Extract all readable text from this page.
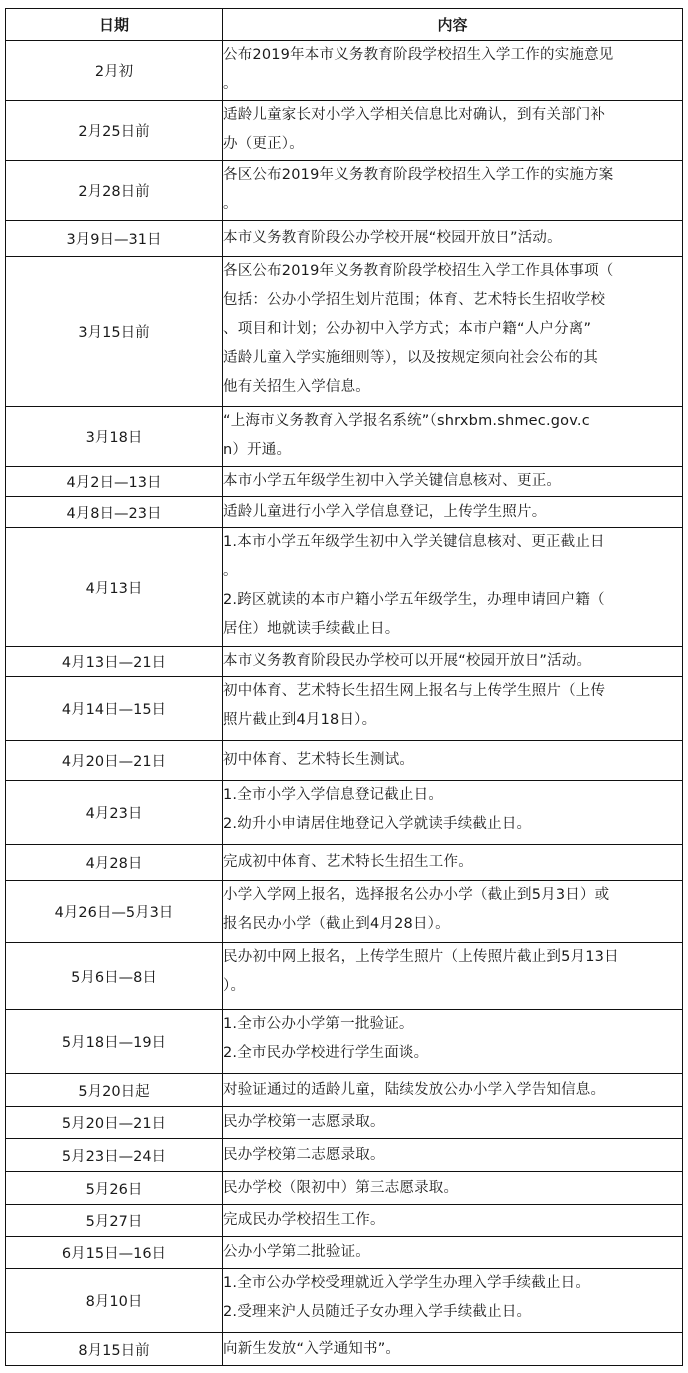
日期	内容
2月初	公布2019年本市义务教育阶段学校招生入学工作的实施意见

。

2月25日前	适龄儿童家长对小学入学相关信息比对确认，到有关部门补

办（更正）。

2月28日前	各区公布2019年义务教育阶段学校招生入学工作的实施方案

。

3月9日—31日	本市义务教育阶段公办学校开展“校园开放日”活动。

3月15日前	各区公布2019年义务教育阶段学校招生入学工作具体事项（

包括：公办小学招生划片范围；体育、艺术特长生招收学校

、项目和计划；公办初中入学方式；本市户籍“人户分离”

适龄儿童入学实施细则等），以及按规定须向社会公布的其

他有关招生入学信息。

3月18日	“上海市义务教育入学报名系统”（shrxbm.shmec.gov.c

n）开通。

4月2日—13日	本市小学五年级学生初中入学关键信息核对、更正。

4月8日—23日	适龄儿童进行小学入学信息登记，上传学生照片。

4月13日	1.本市小学五年级学生初中入学关键信息核对、更正截止日

。

2.跨区就读的本市户籍小学五年级学生，办理申请回户籍（

居住）地就读手续截止日。

4月13日—21日	本市义务教育阶段民办学校可以开展“校园开放日”活动。

4月14日—15日	初中体育、艺术特长生招生网上报名与上传学生照片（上传

照片截止到4月18日）。

4月20日—21日	初中体育、艺术特长生测试。

4月23日	1.全市小学入学信息登记截止日。

2.幼升小申请居住地登记入学就读手续截止日。

4月28日	完成初中体育、艺术特长生招生工作。

4月26日—5月3日	小学入学网上报名，选择报名公办小学（截止到5月3日）或

报名民办小学（截止到4月28日）。

5月6日—8日	民办初中网上报名，上传学生照片（上传照片截止到5月13日

）。

5月18日—19日	1.全市公办小学第一批验证。

2.全市民办学校进行学生面谈。

5月20日起	对验证通过的适龄儿童，陆续发放公办小学入学告知信息。

5月20日—21日	民办学校第一志愿录取。

5月23日—24日	民办学校第二志愿录取。

5月26日	民办学校（限初中）第三志愿录取。

5月27日	完成民办学校招生工作。

6月15日—16日	公办小学第二批验证。

8月10日	1.全市公办学校受理就近入学学生办理入学手续截止日。

2.受理来沪人员随迁子女办理入学手续截止日。

8月15日前	向新生发放“入学通知书”。
